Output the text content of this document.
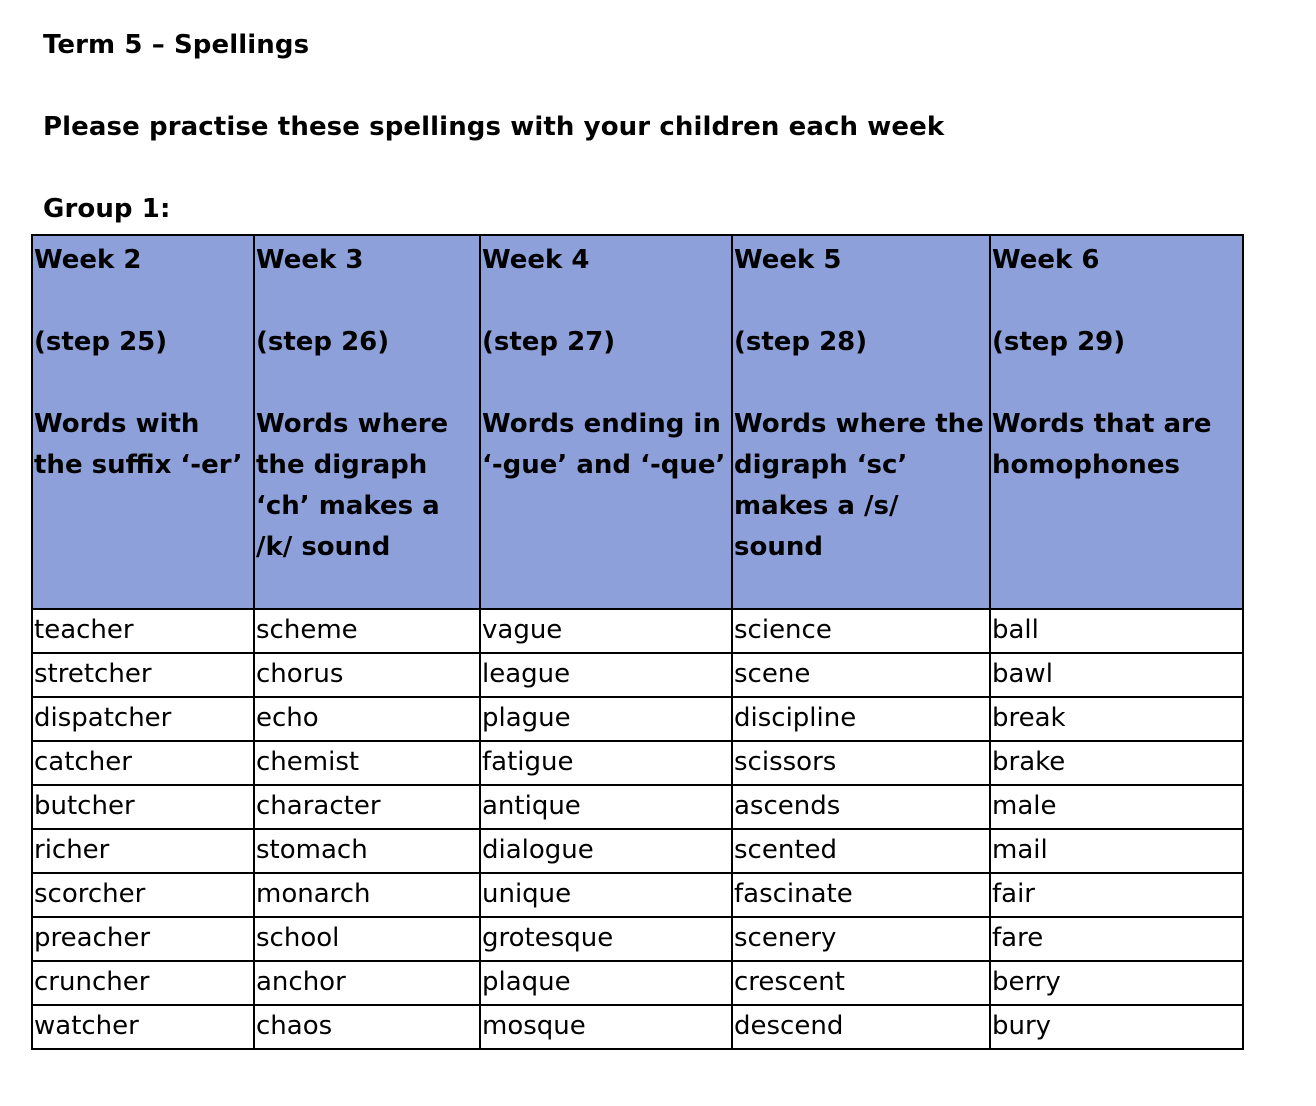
Term 5 – Spellings
Please practise these spellings with your children each week
Group 1:
Week 2
(step 25)
Words with the suffix ‘-er’	Week 3
(step 26)
Words where the digraph ‘ch’ makes a /k/ sound	Week 4
(step 27)
Words ending in ‘-gue’ and ‘-que’	Week 5
(step 28)
Words where the digraph ‘sc’ makes a /s/ sound	Week 6
(step 29)
Words that are homophones

teacher	scheme	vague	science	ball
stretcher	chorus	league	scene	bawl
dispatcher	echo	plague	discipline	break
catcher	chemist	fatigue	scissors	brake
butcher	character	antique	ascends	male
richer	stomach	dialogue	scented	mail
scorcher	monarch	unique	fascinate	fair
preacher	school	grotesque	scenery	fare
cruncher	anchor	plaque	crescent	berry
watcher	chaos	mosque	descend	bury
